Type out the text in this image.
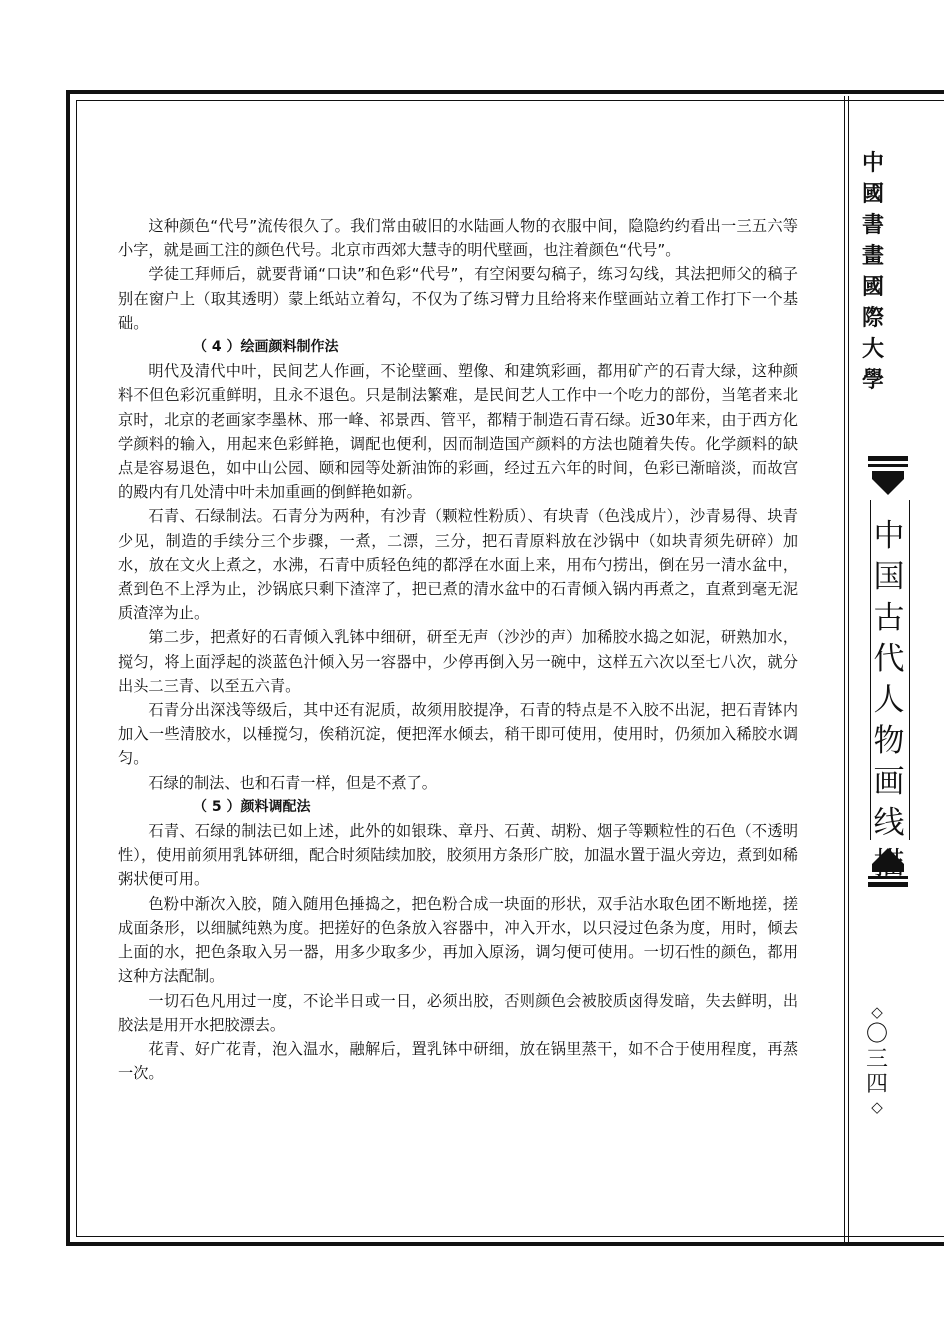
中
國
書
畫
國
際
大
學
中
国
古
代
人
物
画
线
◇
〇
三
四
◇

这种颜色“代号”流传很久了。我们常由破旧的水陆画人物的衣服中间，隐隐约约看出一三五六等小字，就是画工注的颜色代号。北京市西郊大慧寺的明代壁画，也注着颜色“代号”。

学徒工拜师后，就要背诵“口诀”和色彩“代号”，有空闲要勾稿子，练习勾线，其法把师父的稿子别在窗户上（取其透明）蒙上纸站立着勾，不仅为了练习臂力且给将来作壁画站立着工作打下一个基础。

（ 4 ）绘画颜料制作法

明代及清代中叶，民间艺人作画，不论壁画、塑像、和建筑彩画，都用矿产的石青大绿，这种颜料不但色彩沉重鲜明，且永不退色。只是制法繁难，是民间艺人工作中一个吃力的部份，当笔者来北京时，北京的老画家李墨林、邢一峰、祁景西、管平，都精于制造石青石绿。近30年来，由于西方化学颜料的输入，用起来色彩鲜艳，调配也便利，因而制造国产颜料的方法也随着失传。化学颜料的缺点是容易退色，如中山公园、颐和园等处新油饰的彩画，经过五六年的时间，色彩已渐暗淡，而故宫的殿内有几处清中叶未加重画的倒鲜艳如新。

石青、石绿制法。石青分为两种，有沙青（颗粒性粉质）、有块青（色浅成片），沙青易得、块青少见，制造的手续分三个步骤，一煮，二漂，三分，把石青原料放在沙锅中（如块青须先研碎）加水，放在文火上煮之，水沸，石青中质轻色纯的都浮在水面上来，用布勺捞出，倒在另一清水盆中，煮到色不上浮为止，沙锅底只剩下渣滓了，把已煮的清水盆中的石青倾入锅内再煮之，直煮到毫无泥质渣滓为止。

第二步，把煮好的石青倾入乳钵中细研，研至无声（沙沙的声）加稀胶水捣之如泥，研熟加水，搅匀，将上面浮起的淡蓝色汁倾入另一容器中，少停再倒入另一碗中，这样五六次以至七八次，就分出头二三青、以至五六青。

石青分出深浅等级后，其中还有泥质，故须用胶提净，石青的特点是不入胶不出泥，把石青钵内加入一些清胶水，以棰搅匀，俟稍沉淀，便把浑水倾去，稍干即可使用，使用时，仍须加入稀胶水调匀。

石绿的制法、也和石青一样，但是不煮了。

（ 5 ）颜料调配法

石青、石绿的制法已如上述，此外的如银珠、章丹、石黄、胡粉、烟子等颗粒性的石色（不透明性），使用前须用乳钵研细，配合时须陆续加胶，胶须用方条形广胶，加温水置于温火旁边，煮到如稀粥状便可用。

色粉中渐次入胶，随入随用色捶捣之，把色粉合成一块面的形状，双手沾水取色团不断地搓，搓成面条形，以细腻纯熟为度。把搓好的色条放入容器中，冲入开水，以只浸过色条为度，用时，倾去上面的水，把色条取入另一器，用多少取多少，再加入原汤，调匀便可使用。一切石性的颜色，都用这种方法配制。

一切石色凡用过一度，不论半日或一日，必须出胶，否则颜色会被胶质卤得发暗，失去鲜明，出胶法是用开水把胶漂去。

花青、好广花青，泡入温水，融解后，置乳钵中研细，放在锅里蒸干，如不合于使用程度，再蒸一次。
